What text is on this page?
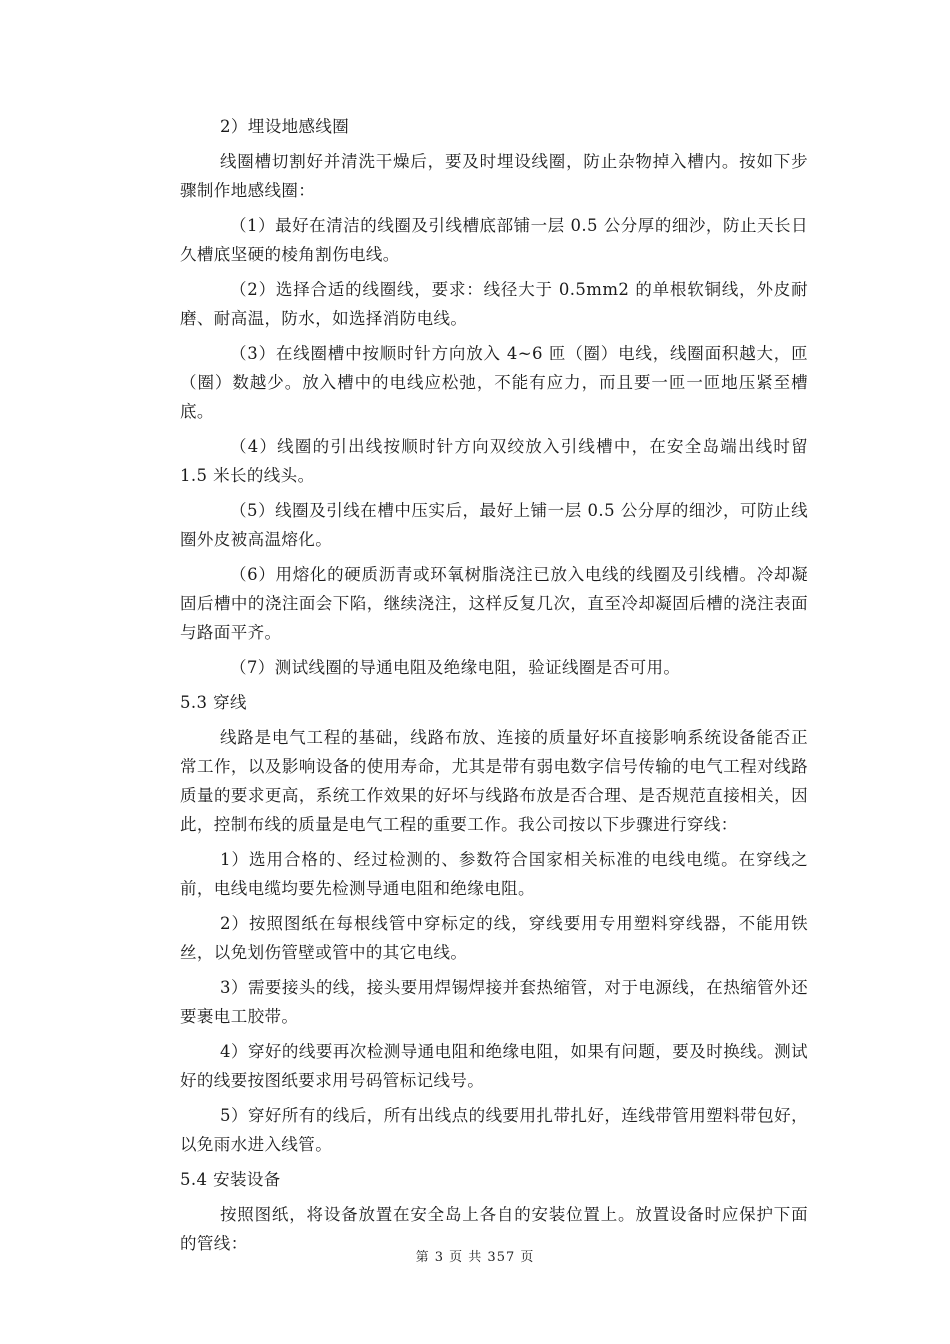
2）埋设地感线圈

线圈槽切割好并清洗干燥后，要及时埋设线圈，防止杂物掉入槽内。按如下步骤制作地感线圈：

（1）最好在清洁的线圈及引线槽底部铺一层 0.5 公分厚的细沙，防止天长日久槽底坚硬的棱角割伤电线。

（2）选择合适的线圈线，要求：线径大于 0.5mm2 的单根软铜线，外皮耐磨、耐高温，防水，如选择消防电线。

（3）在线圈槽中按顺时针方向放入 4~6 匝（圈）电线，线圈面积越大，匝（圈）数越少。放入槽中的电线应松弛，不能有应力，而且要一匝一匝地压紧至槽底。

（4）线圈的引出线按顺时针方向双绞放入引线槽中，在安全岛端出线时留 1.5 米长的线头。

（5）线圈及引线在槽中压实后，最好上铺一层 0.5 公分厚的细沙，可防止线圈外皮被高温熔化。

（6）用熔化的硬质沥青或环氧树脂浇注已放入电线的线圈及引线槽。冷却凝固后槽中的浇注面会下陷，继续浇注，这样反复几次，直至冷却凝固后槽的浇注表面与路面平齐。

（7）测试线圈的导通电阻及绝缘电阻，验证线圈是否可用。

5.3 穿线

线路是电气工程的基础，线路布放、连接的质量好坏直接影响系统设备能否正常工作，以及影响设备的使用寿命，尤其是带有弱电数字信号传输的电气工程对线路质量的要求更高，系统工作效果的好坏与线路布放是否合理、是否规范直接相关，因此，控制布线的质量是电气工程的重要工作。我公司按以下步骤进行穿线：

1）选用合格的、经过检测的、参数符合国家相关标准的电线电缆。在穿线之前，电线电缆均要先检测导通电阻和绝缘电阻。

2）按照图纸在每根线管中穿标定的线，穿线要用专用塑料穿线器，不能用铁丝，以免划伤管壁或管中的其它电线。

3）需要接头的线，接头要用焊锡焊接并套热缩管，对于电源线，在热缩管外还要裹电工胶带。

4）穿好的线要再次检测导通电阻和绝缘电阻，如果有问题，要及时换线。测试好的线要按图纸要求用号码管标记线号。

5）穿好所有的线后，所有出线点的线要用扎带扎好，连线带管用塑料带包好，以免雨水进入线管。

5.4 安装设备

按照图纸，将设备放置在安全岛上各自的安装位置上。放置设备时应保护下面的管线：

第 3 页 共 357 页
